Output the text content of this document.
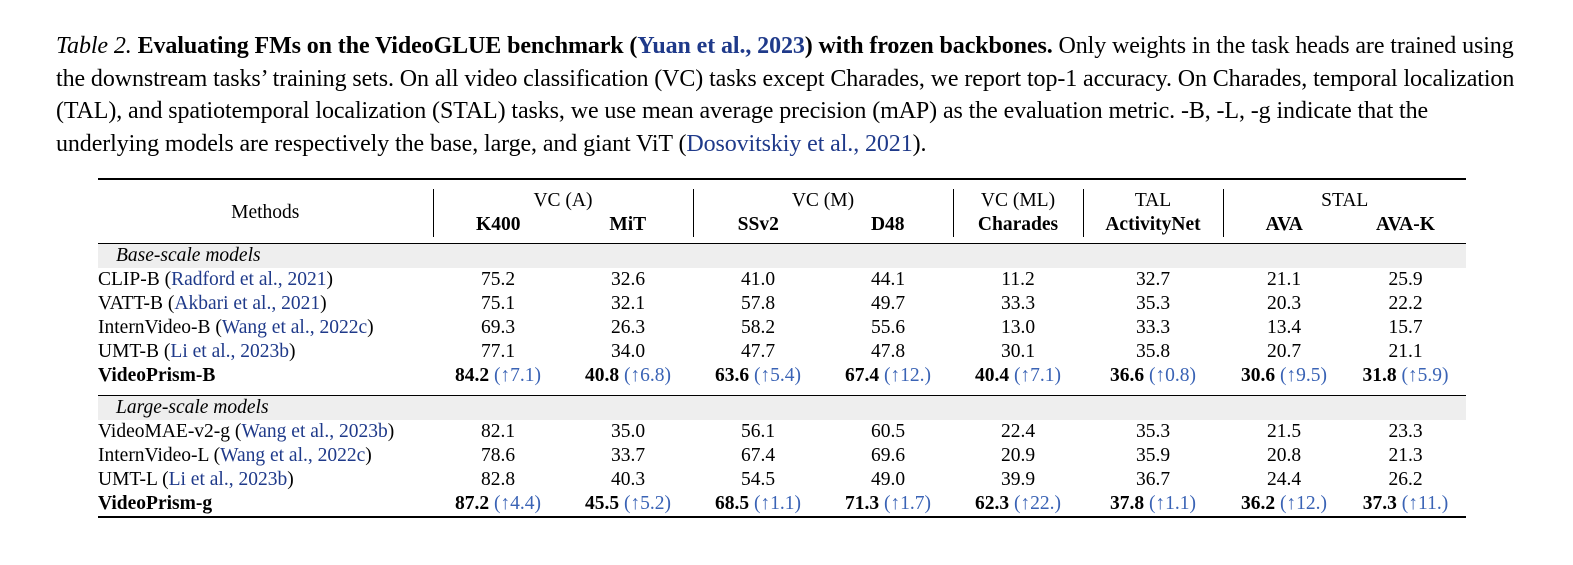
Table 2. Evaluating FMs on the VideoGLUE benchmark (Yuan et al., 2023) with frozen backbones. Only weights in the task heads are trained using the downstream tasks’ training sets. On all video classification (VC) tasks except Charades, we report top-1 accuracy. On Charades, temporal localization (TAL), and spatiotemporal localization (STAL) tasks, we use mean average precision (mAP) as the evaluation metric. -B, -L, -g indicate that the underlying models are respectively the base, large, and giant ViT (Dosovitskiy et al., 2021).

Methods	VC (A)		VC (M)		VC (ML)	TAL	STAL	
	K400	MiT	SSv2	D48	Charades	ActivityNet	AVA	AVA-K

Base-scale models								
CLIP-B (Radford et al., 2021)	75.2	32.6	41.0	44.1	11.2	32.7	21.1	25.9
VATT-B (Akbari et al., 2021)	75.1	32.1	57.8	49.7	33.3	35.3	20.3	22.2
InternVideo-B (Wang et al., 2022c)	69.3	26.3	58.2	55.6	13.0	33.3	13.4	15.7
UMT-B (Li et al., 2023b)	77.1	34.0	47.7	47.8	30.1	35.8	20.7	21.1
VideoPrism-B	84.2 (↑7.1)	40.8 (↑6.8)	63.6 (↑5.4)	67.4 (↑12.)	40.4 (↑7.1)	36.6 (↑0.8)	30.6 (↑9.5)	31.8 (↑5.9)

Large-scale models								
VideoMAE-v2-g (Wang et al., 2023b)	82.1	35.0	56.1	60.5	22.4	35.3	21.5	23.3
InternVideo-L (Wang et al., 2022c)	78.6	33.7	67.4	69.6	20.9	35.9	20.8	21.3
UMT-L (Li et al., 2023b)	82.8	40.3	54.5	49.0	39.9	36.7	24.4	26.2
VideoPrism-g	87.2 (↑4.4)	45.5 (↑5.2)	68.5 (↑1.1)	71.3 (↑1.7)	62.3 (↑22.)	37.8 (↑1.1)	36.2 (↑12.)	37.3 (↑11.)
